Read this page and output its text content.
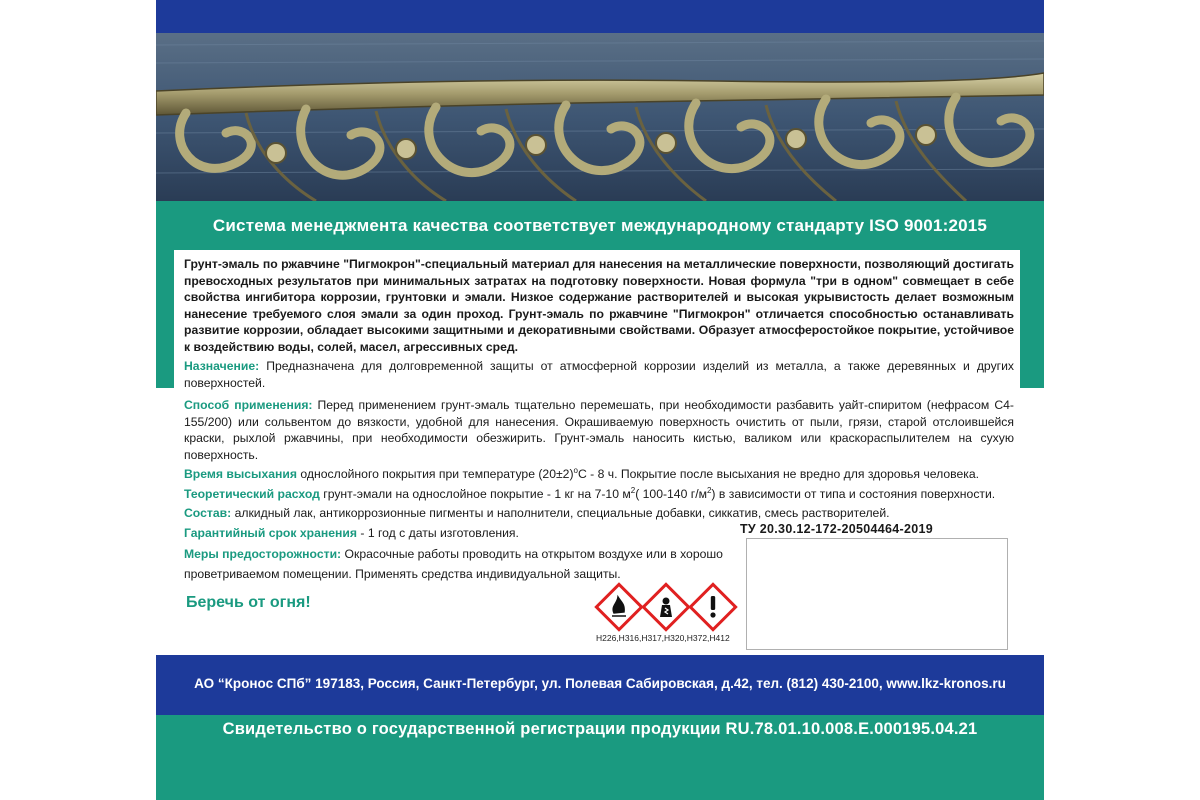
Система менеджмента качества соответствует международному стандарту ISO 9001:2015
Грунт-эмаль по ржавчине "Пигмокрон"-специальный материал для нанесения на металлические поверхности, позволяющий достигать превосходных результатов при минимальных затратах на подготовку поверхности. Новая формула "три в одном" совмещает в себе свойства ингибитора коррозии, грунтовки и эмали. Низкое содержание растворителей и высокая укрывистость делает возможным нанесение требуемого слоя эмали за один проход. Грунт-эмаль по ржавчине "Пигмокрон" отличается способностью останавливать развитие коррозии, обладает высокими защитными и декоративными свойствами. Образует атмосферостойкое покрытие, устойчивое к воздействию воды, солей, масел, агрессивных сред.
Назначение: Предназначена для долговременной защиты от атмосферной коррозии изделий из металла, а также деревянных и других поверхностей.
Способ применения: Перед применением грунт-эмаль тщательно перемешать, при необходимости разбавить уайт-спиритом (нефрасом С4-155/200) или сольвентом до вязкости, удобной для нанесения. Окрашиваемую поверхность очистить от пыли, грязи, старой отслоившейся краски, рыхлой ржавчины, при необходимости обезжирить. Грунт-эмаль наносить кистью, валиком или краскораспылителем на сухую поверхность.
Время высыхания однослойного покрытия при температуре $(20\pm 2)^оС - 8$ ч. Покрытие после высыхания не вредно для здоровья человека.
Теоретический расход грунт-эмали на однослойное покрытие - 1 кг на 7-10 $м^2$( 100-140 $г/м^2$) в зависимости от типа и состояния поверхности.
Состав: алкидный лак, антикоррозионные пигменты и наполнители, специальные добавки, сиккатив, смесь растворителей.
Гарантийный срок хранения - 1 год с даты изготовления.
Меры предосторожности: Окрасочные работы проводить на открытом воздухе или в хорошо проветриваемом помещении. Применять средства индивидуальной защиты.
ТУ 20.30.12-172-20504464-2019
Беречь от огня!
H226,H316,H317,H320,H372,H412
АО “Кронос СПб” 197183, Россия, Санкт-Петербург, ул. Полевая Сабировская, д.42, тел. (812) 430-2100, www.lkz-kronos.ru
Свидетельство о государственной регистрации продукции RU.78.01.10.008.Е.000195.04.21
